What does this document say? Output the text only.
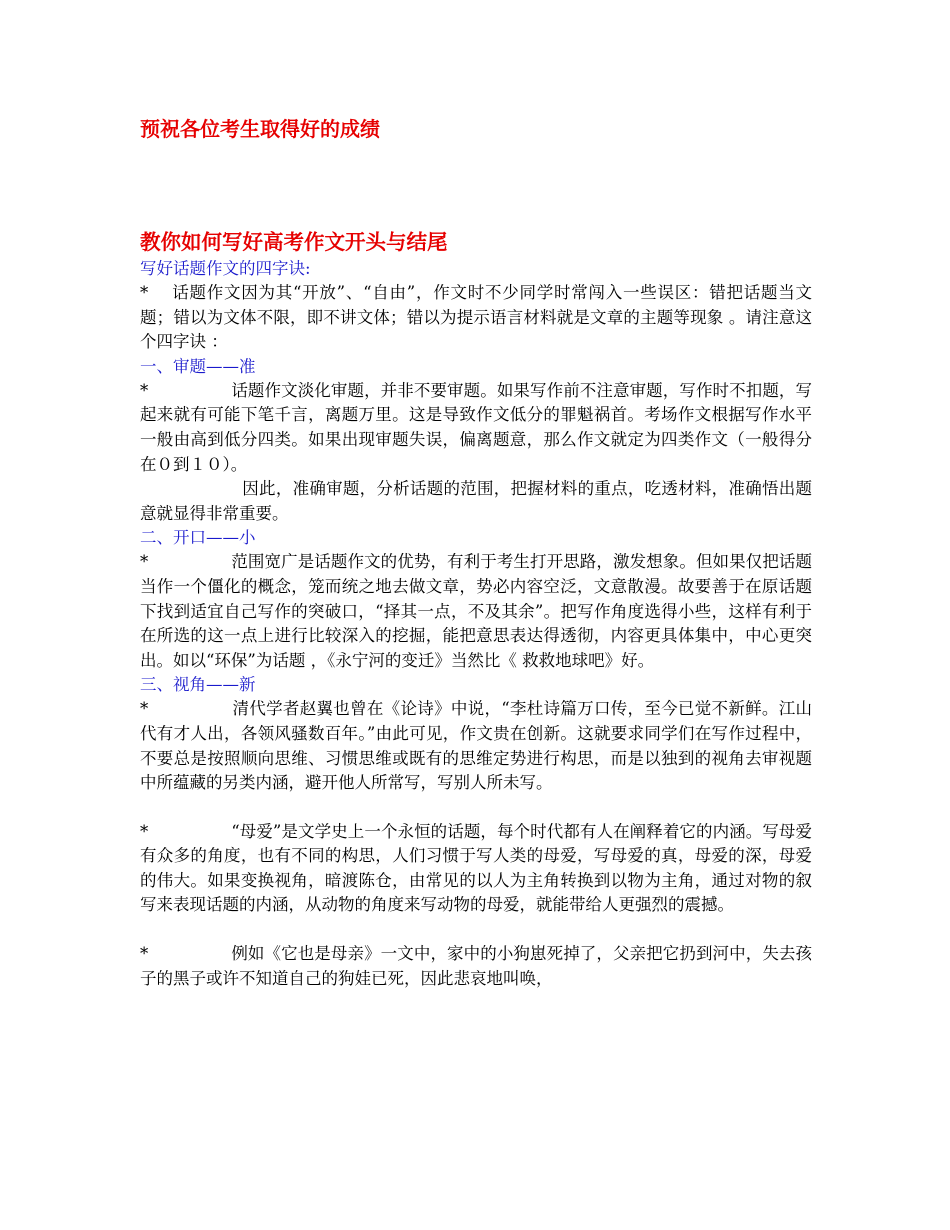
预祝各位考生取得好的成绩

教你如何写好高考作文开头与结尾

写好话题作文的四字诀:

*　 话题作文因为其“开放”、“自由”，作文时不少同学时常闯入一些误区：错把话题当文题；错以为文体不限，即不讲文体；错以为提示语言材料就是文章的主题等现象 。请注意这个四字诀 ：

一、审题——准

*　　　　　话题作文淡化审题，并非不要审题。如果写作前不注意审题，写作时不扣题，写起来就有可能下笔千言，离题万里。这是导致作文低分的罪魁祸首。考场作文根据写作水平一般由高到低分四类。如果出现审题失误，偏离题意，那么作文就定为四类作文（一般得分在０到１０）。

因此，准确审题，分析话题的范围，把握材料的重点，吃透材料，准确悟出题意就显得非常重要。

二、开口——小

*　　　　　范围宽广是话题作文的优势，有利于考生打开思路，激发想象。但如果仅把话题当作一个僵化的概念，笼而统之地去做文章，势必内容空泛，文意散漫。故要善于在原话题下找到适宜自己写作的突破口，“择其一点，不及其余”。把写作角度选得小些，这样有利于在所选的这一点上进行比较深入的挖掘，能把意思表达得透彻，内容更具体集中，中心更突出。如以“环保”为话题 ，《永宁河的变迁》当然比《 救救地球吧》好。

三、视角——新

*　　　　　清代学者赵翼也曾在《论诗》中说，“李杜诗篇万口传，至今已觉不新鲜。江山代有才人出，各领风骚数百年。”由此可见，作文贵在创新。这就要求同学们在写作过程中，不要总是按照顺向思维、习惯思维或既有的思维定势进行构思，而是以独到的视角去审视题中所蕴藏的另类内涵，避开他人所常写，写别人所未写。

*　　　　　“母爱”是文学史上一个永恒的话题，每个时代都有人在阐释着它的内涵。写母爱有众多的角度，也有不同的构思，人们习惯于写人类的母爱，写母爱的真，母爱的深，母爱的伟大。如果变换视角，暗渡陈仓，由常见的以人为主角转换到以物为主角，通过对物的叙写来表现话题的内涵，从动物的角度来写动物的母爱，就能带给人更强烈的震撼。

*　　　　　例如《它也是母亲》一文中，家中的小狗崽死掉了，父亲把它扔到河中，失去孩子的黑子或许不知道自己的狗娃已死，因此悲哀地叫唤，
